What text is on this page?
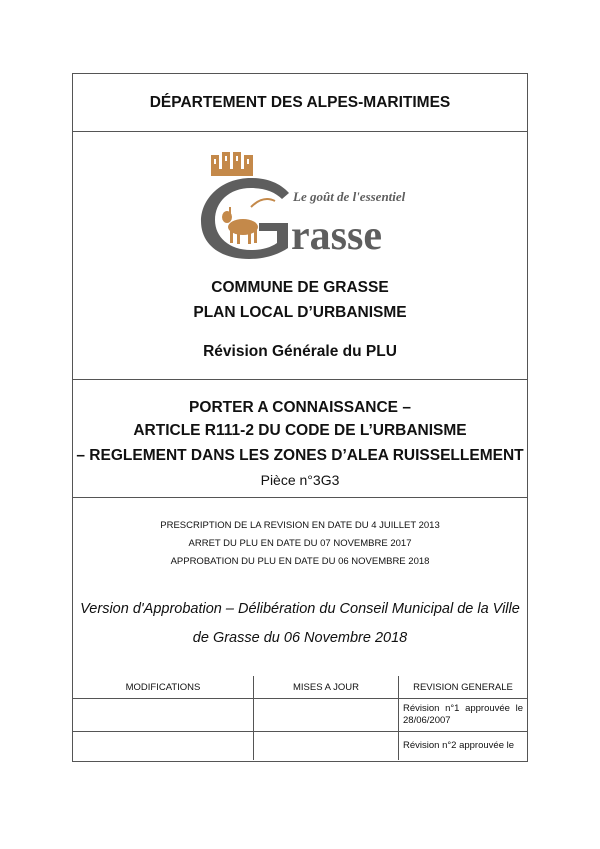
DÉPARTEMENT DES ALPES-MARITIMES
Le goût de l'essentiel
rasse
COMMUNE DE GRASSE
PLAN LOCAL D’URBANISME
Révision Générale du PLU
PORTER A CONNAISSANCE –
ARTICLE R111-2 DU CODE DE L’URBANISME
– REGLEMENT DANS LES ZONES D’ALEA RUISSELLEMENT
Pièce n°3G3
PRESCRIPTION DE LA REVISION EN DATE DU 4 JUILLET 2013
ARRET DU PLU EN DATE DU 07 NOVEMBRE 2017
APPROBATION DU PLU EN DATE DU 06 NOVEMBRE 2018
Version d'Approbation – Délibération du Conseil Municipal de la Ville
de Grasse du 06 Novembre 2018
MODIFICATIONS	MISES A JOUR	REVISION GENERALE
		Révision n°1 approuvée le 28/06/2007
		Révision n°2 approuvée le
